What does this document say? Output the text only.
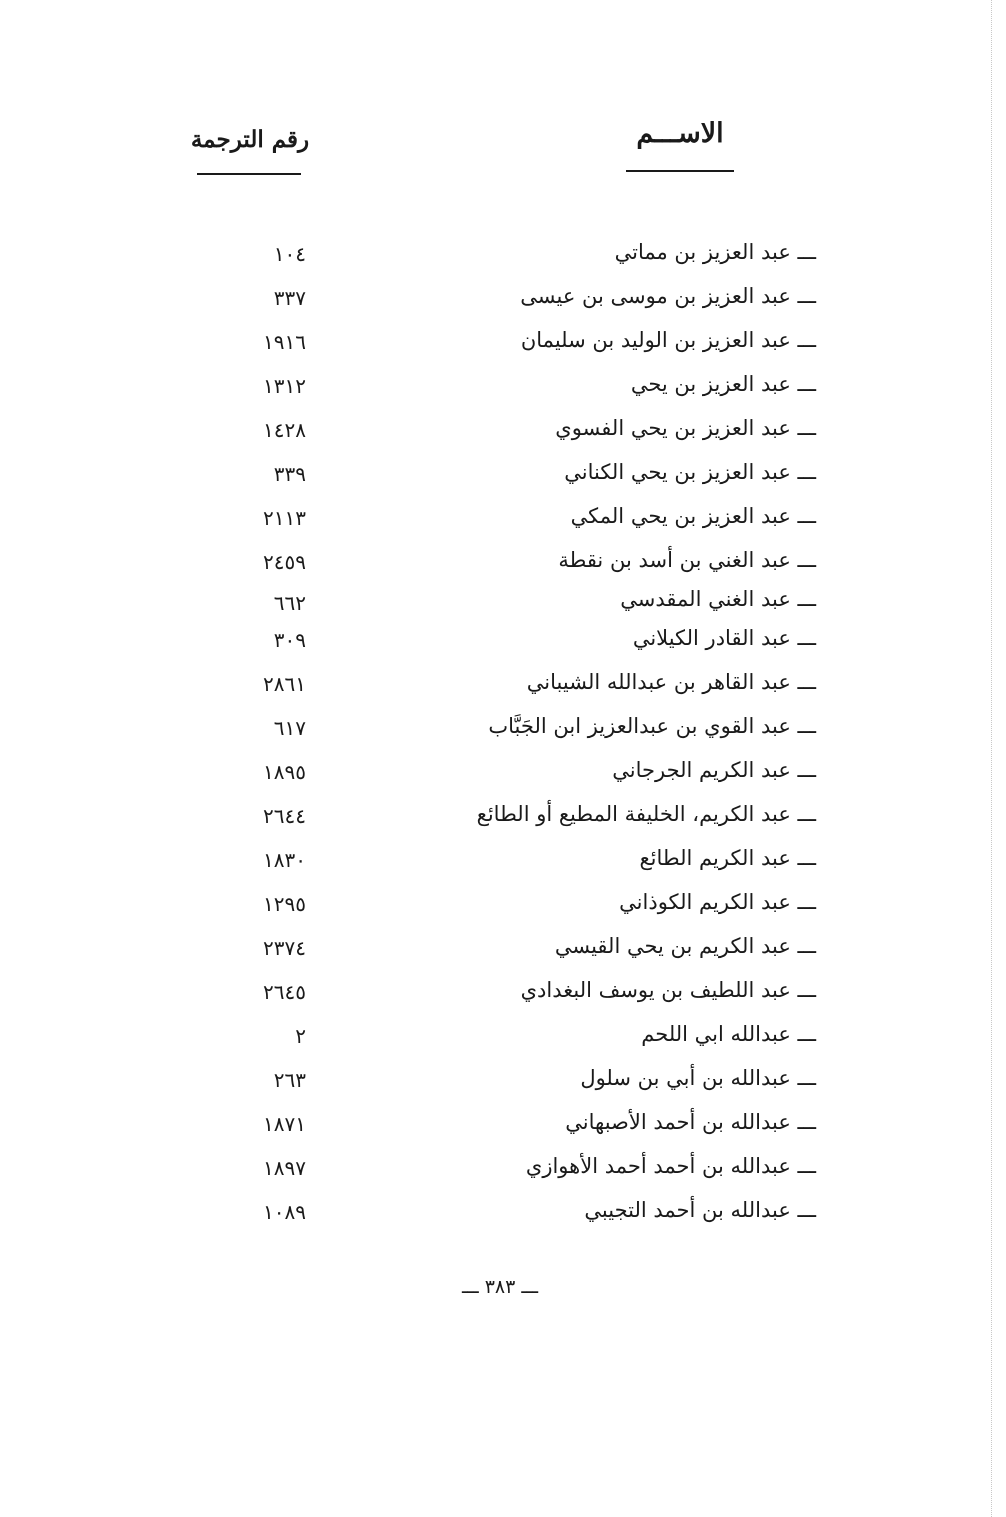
الاســـم
رقم الترجمة
ـــ عبد العزيز بن مماتي
١٠٤
ـــ عبد العزيز بن موسى بن عيسى
٣٣٧
ـــ عبد العزيز بن الوليد بن سليمان
١٩١٦
ـــ عبد العزيز بن يحي
١٣١٢
ـــ عبد العزيز بن يحي الفسوي
١٤٢٨
ـــ عبد العزيز بن يحي الكناني
٣٣٩
ـــ عبد العزيز بن يحي المكي
٢١١٣
ـــ عبد الغني بن أسد بن نقطة
٢٤٥٩
ـــ عبد الغني المقدسي
٦٦٢
ـــ عبد القادر الكيلاني
٣٠٩
ـــ عبد القاهر بن عبدالله الشيباني
٢٨٦١
ـــ عبد القوي بن عبدالعزيز ابن الجَبَّاب
٦١٧
ـــ عبد الكريم الجرجاني
١٨٩٥
ـــ عبد الكريم، الخليفة المطيع أو الطائع
٢٦٤٤
ـــ عبد الكريم الطائع
١٨٣٠
ـــ عبد الكريم الكوذاني
١٢٩٥
ـــ عبد الكريم بن يحي القيسي
٢٣٧٤
ـــ عبد اللطيف بن يوسف البغدادي
٢٦٤٥
ـــ عبدالله ابي اللحم
٢
ـــ عبدالله بن أبي بن سلول
٢٦٣
ـــ عبدالله بن أحمد الأصبهاني
١٨٧١
ـــ عبدالله بن أحمد أحمد الأهوازي
١٨٩٧
ـــ عبدالله بن أحمد التجيبي
١٠٨٩
ـــ ٣٨٣ ـــ
